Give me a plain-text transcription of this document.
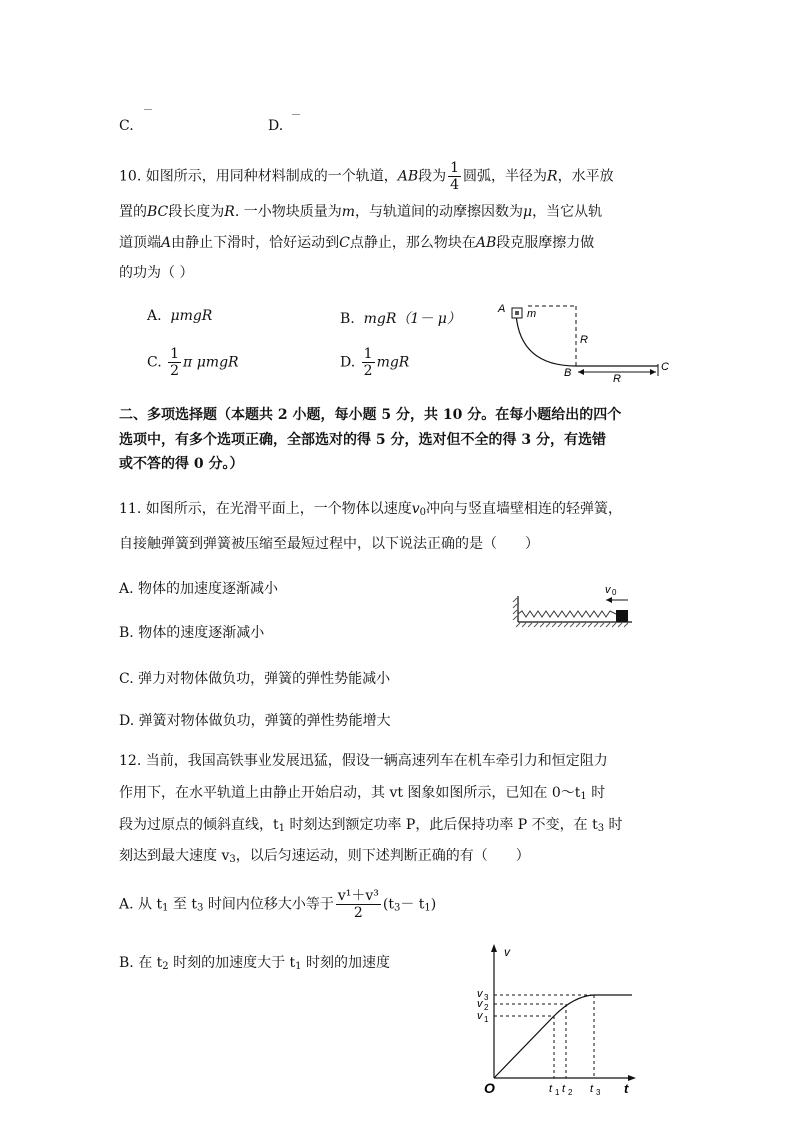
C.	D.
10. 如图所示，用同种材料制成的一个轨道，AB段为 $\frac{1}{4}$ 圆弧，半径为R，水平放
置的BC段长度为R. 一小物块质量为m，与轨道间的动摩擦因数为μ，当它从轨
道顶端A由静止下滑时，恰好运动到C点静止，那么物块在AB段克服摩擦力做
的功为（ ）
A. μmgR	B. mgR（1－ μ）
C. $\frac{1}{2}$ π μmgR	D. $\frac{1}{2}$ mgR
A m
R
B	R
C
二、多项选择题（本题共 2 小题，每小题 5 分，共 10 分。在每小题给出的四个
选项中，有多个选项正确，全部选对的得 5 分，选对但不全的得 3 分，有选错
或不答的得 0 分。）
11. 如图所示，在光滑平面上，一个物体以速度$v_0$冲向与竖直墙壁相连的轻弹簧，
自接触弹簧到弹簧被压缩至最短过程中，以下说法正确的是（　　）
A. 物体的加速度逐渐减小
B. 物体的速度逐渐减小
C. 弹力对物体做负功，弹簧的弹性势能减小
D. 弹簧对物体做负功，弹簧的弹性势能增大
v 0
12. 当前，我国高铁事业发展迅猛，假设一辆高速列车在机车牵引力和恒定阻力
作用下，在水平轨道上由静止开始启动，其 vt 图象如图所示，已知在 $0\sim t_1$ 时
段为过原点的倾斜直线，$t_1$ 时刻达到额定功率 P，此后保持功率 P 不变，在 $t_3$ 时
刻达到最大速度 $v_3$，以后匀速运动，则下述判断正确的有（　　）
A. 从 $t_1$ 至 $t_3$ 时间内位移大小等于 $\frac{\text{v¹＋v³}}{2} (t_3- t_1)$
B. 在 $t_2$ 时刻的加速度大于 $t_1$ 时刻的加速度
v
v 3
v 2
v 1
O	t 1 t 2 t 3 t
